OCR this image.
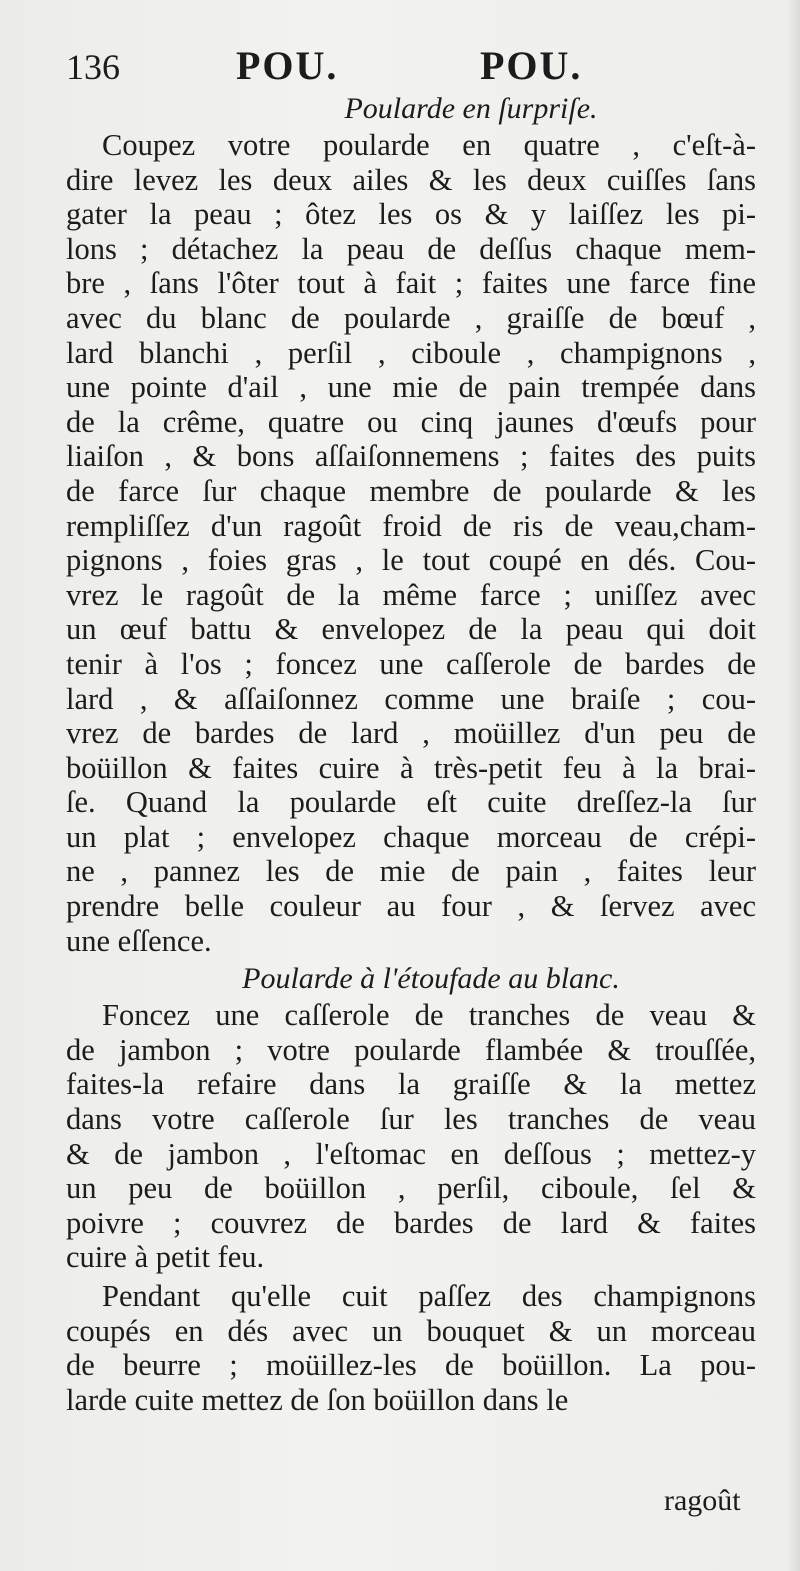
136	POU.	POU.

Poularde en ſurpriſe.

Coupez votre poularde en quatre , c'eſt-à-
dire levez les deux ailes & les deux cuiſſes ſans
gater la peau ; ôtez les os & y laiſſez les pi-
lons ; détachez la peau de deſſus chaque mem-
bre , ſans l'ôter tout à fait ; faites une farce fine
avec du blanc de poularde , graiſſe de bœuf ,
lard blanchi , perſil , ciboule , champignons ,
une pointe d'ail , une mie de pain trempée dans
de la crême, quatre ou cinq jaunes d'œufs pour
liaiſon , & bons aſſaiſonnemens ; faites des puits
de farce ſur chaque membre de poularde & les
rempliſſez d'un ragoût froid de ris de veau,cham-
pignons , foies gras , le tout coupé en dés. Cou-
vrez le ragoût de la même farce ; uniſſez avec
un œuf battu & envelopez de la peau qui doit
tenir à l'os ; foncez une caſſerole de bardes de
lard , & aſſaiſonnez comme une braiſe ; cou-
vrez de bardes de lard , moüillez d'un peu de
boüillon & faites cuire à très-petit feu à la brai-
ſe. Quand la poularde eſt cuite dreſſez-la ſur
un plat ; envelopez chaque morceau de crépi-
ne , pannez les de mie de pain , faites leur
prendre belle couleur au four , & ſervez avec
une eſſence.

Poularde à l'étoufade au blanc.

Foncez une caſſerole de tranches de veau &
de jambon ; votre poularde flambée & trouſſée,
faites-la refaire dans la graiſſe & la mettez
dans votre caſſerole ſur les tranches de veau
& de jambon , l'eſtomac en deſſous ; mettez-y
un peu de boüillon , perſil, ciboule, ſel &
poivre ; couvrez de bardes de lard & faites
cuire à petit feu.

Pendant qu'elle cuit paſſez des champignons
coupés en dés avec un bouquet & un morceau
de beurre ; moüillez-les de boüillon. La pou-
larde cuite mettez de ſon boüillon dans le

ragoût
